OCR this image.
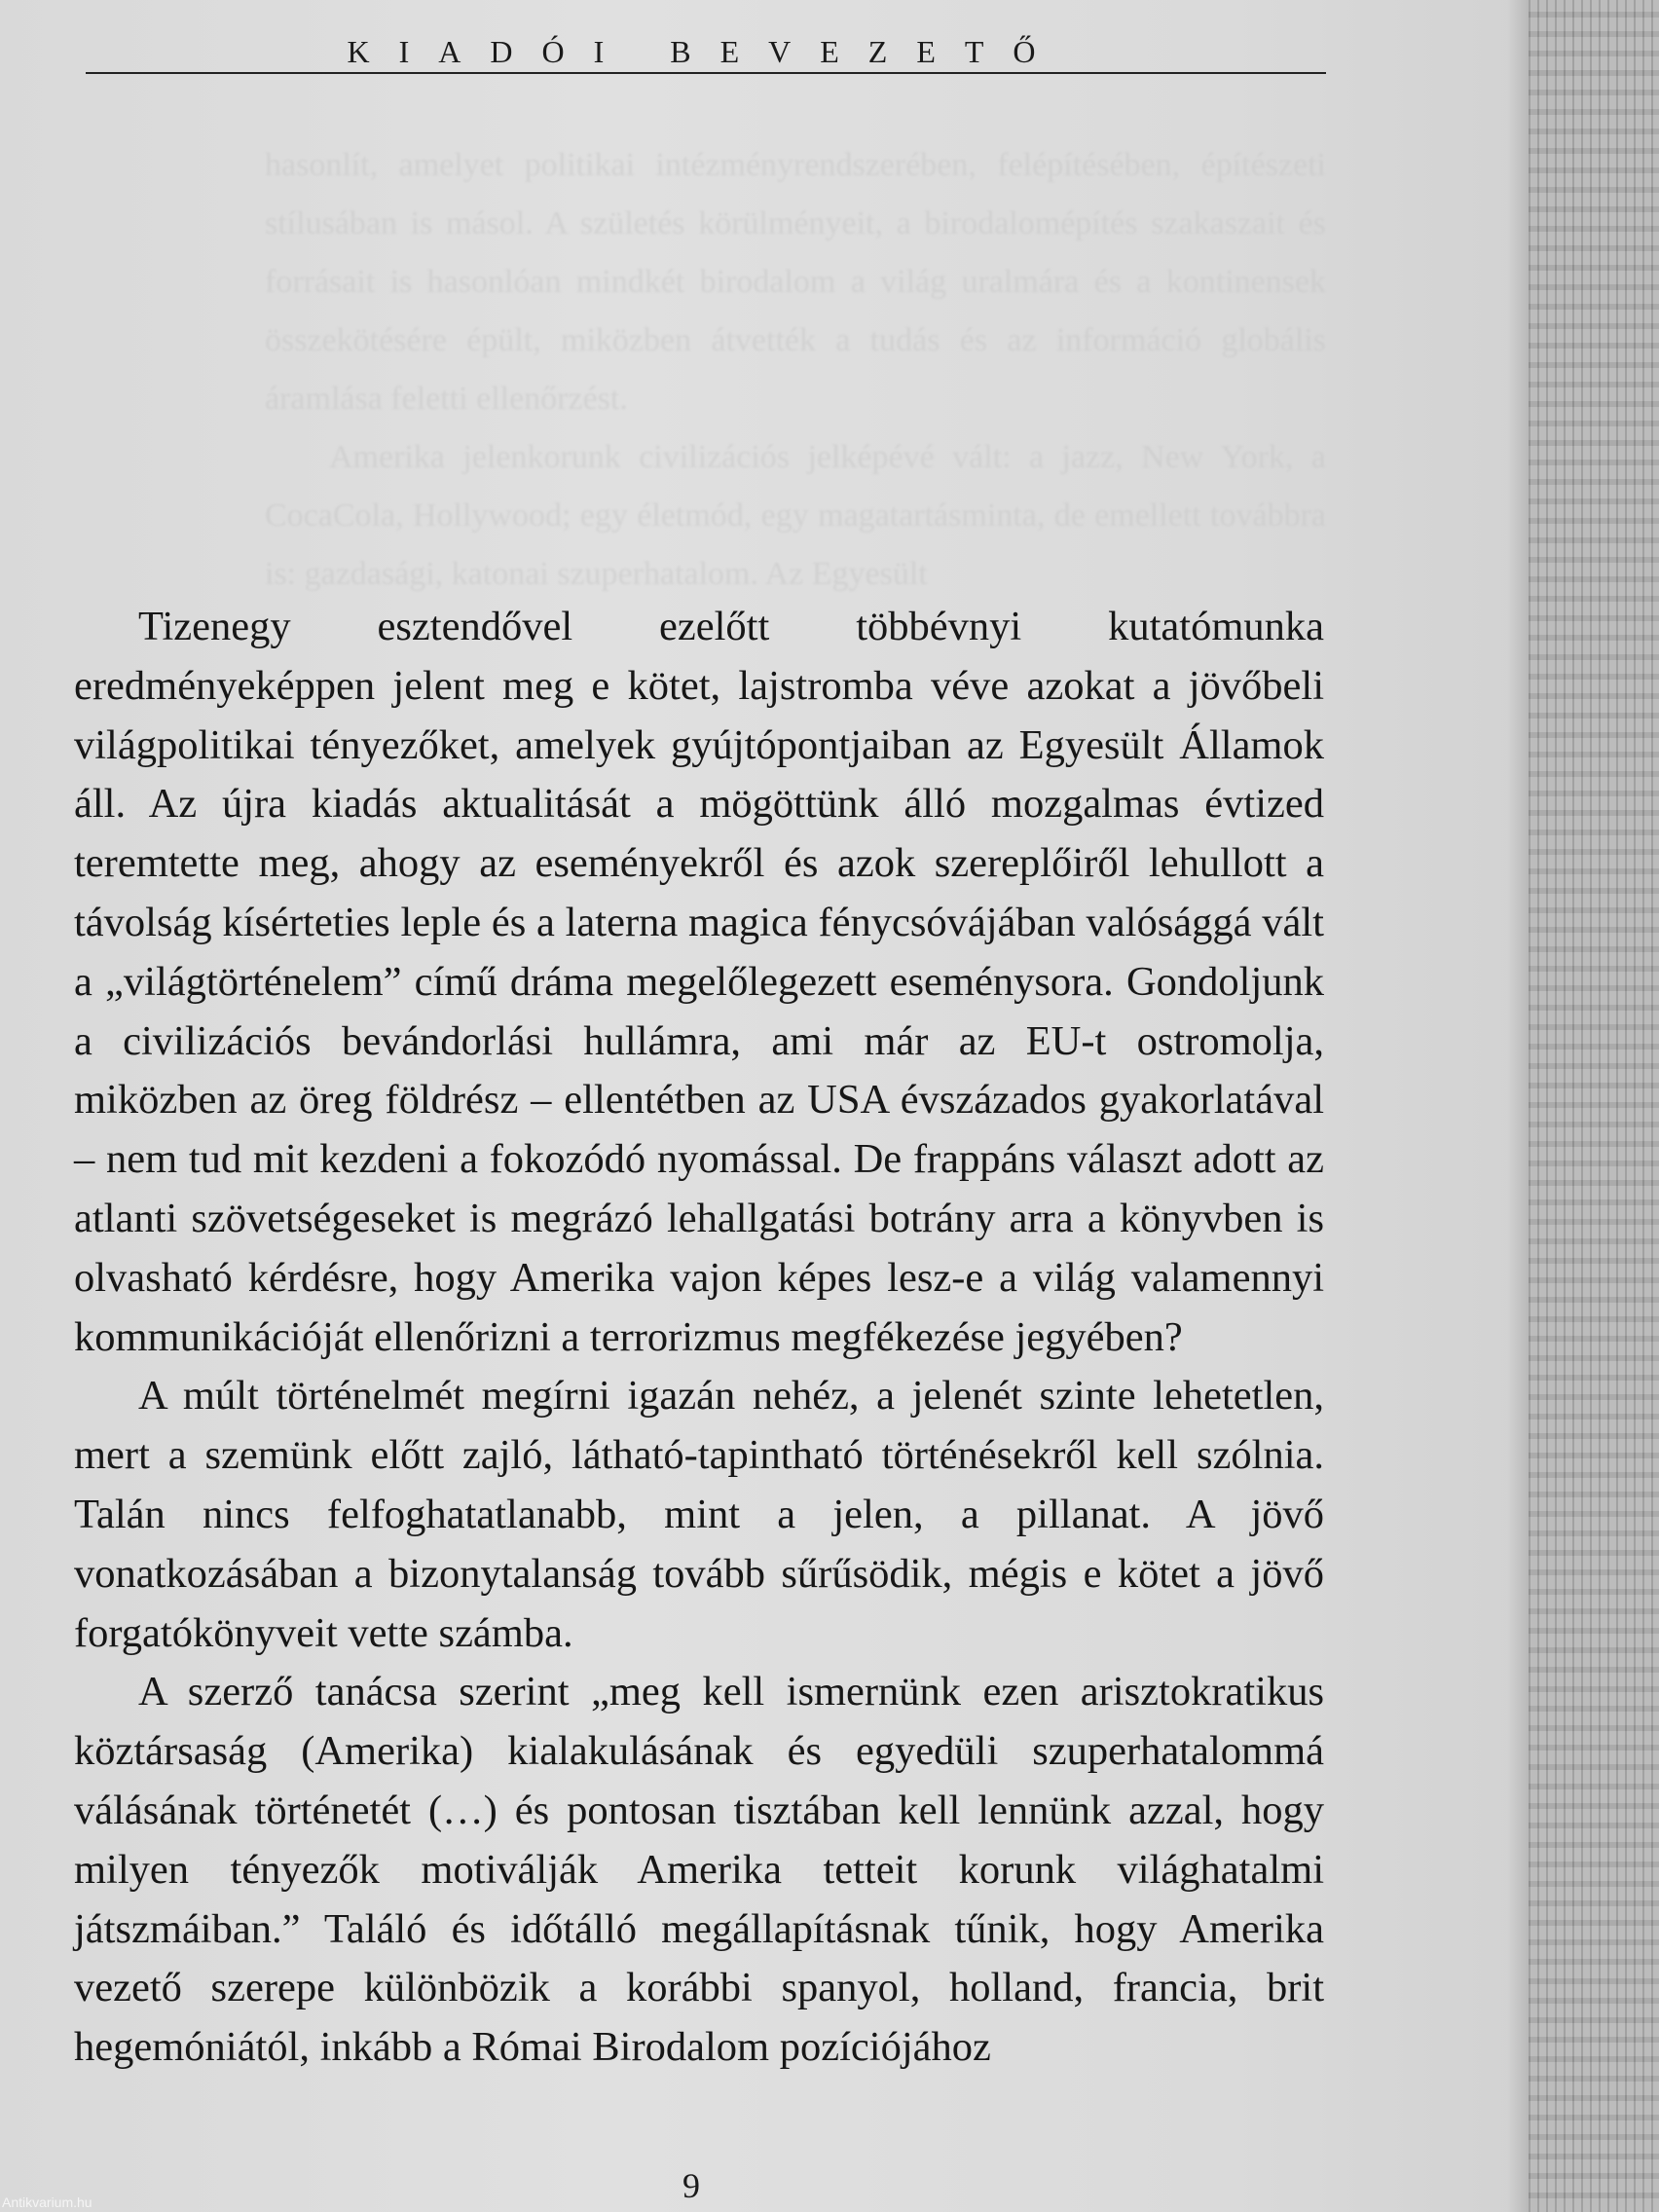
KIADÓI BEVEZETŐ

hasonlít, amelyet politikai intézményrendszerében, felépítésében, építészeti stílusában is másol. A születés körülményeit, a birodalomépítés szakaszait és forrásait is hasonlóan mindkét birodalom a világ uralmára és a kontinensek összekötésére épült, miközben átvették a tudás és az információ globális áramlása feletti ellenőrzést.

Amerika jelenkorunk civilizációs jelképévé vált: a jazz, New York, a CocaCola, Hollywood; egy életmód, egy magatartásminta, de emellett továbbra is: gazdasági, katonai szuperhatalom. Az Egyesült

Tizenegy esztendővel ezelőtt többévnyi kutatómunka eredményeképpen jelent meg e kötet, lajstromba véve azokat a jövőbeli világpolitikai tényezőket, amelyek gyújtópontjaiban az Egyesült Államok áll. Az újra kiadás aktualitását a mögöttünk álló mozgalmas évtized teremtette meg, ahogy az eseményekről és azok szereplőiről lehullott a távolság kísérteties leple és a laterna magica fénycsóvájában valósággá vált a „világtörténelem” című dráma megelőlegezett eseménysora. Gondoljunk a civilizációs bevándorlási hullámra, ami már az EU-t ostromolja, miközben az öreg földrész – ellentétben az USA évszázados gyakorlatával – nem tud mit kezdeni a fokozódó nyomással. De frappáns választ adott az atlanti szövetségeseket is megrázó lehallgatási botrány arra a könyvben is olvasható kérdésre, hogy Amerika vajon képes lesz-e a világ valamennyi kommunikációját ellenőrizni a terrorizmus megfékezése jegyében?

A múlt történelmét megírni igazán nehéz, a jelenét szinte lehetetlen, mert a szemünk előtt zajló, látható-tapintható történésekről kell szólnia. Talán nincs felfoghatatlanabb, mint a jelen, a pillanat. A jövő vonatkozásában a bizonytalanság tovább sűrűsödik, mégis e kötet a jövő forgatókönyveit vette számba.

A szerző tanácsa szerint „meg kell ismernünk ezen arisztokratikus köztársaság (Amerika) kialakulásának és egyedüli szuperhatalommá válásának történetét (…) és pontosan tisztában kell lennünk azzal, hogy milyen tényezők motiválják Amerika tetteit korunk világhatalmi játszmáiban.” Találó és időtálló megállapításnak tűnik, hogy Amerika vezető szerepe különbözik a korábbi spanyol, holland, francia, brit hegemóniától, inkább a Római Birodalom pozíciójához

9
Antikvarium.hu
